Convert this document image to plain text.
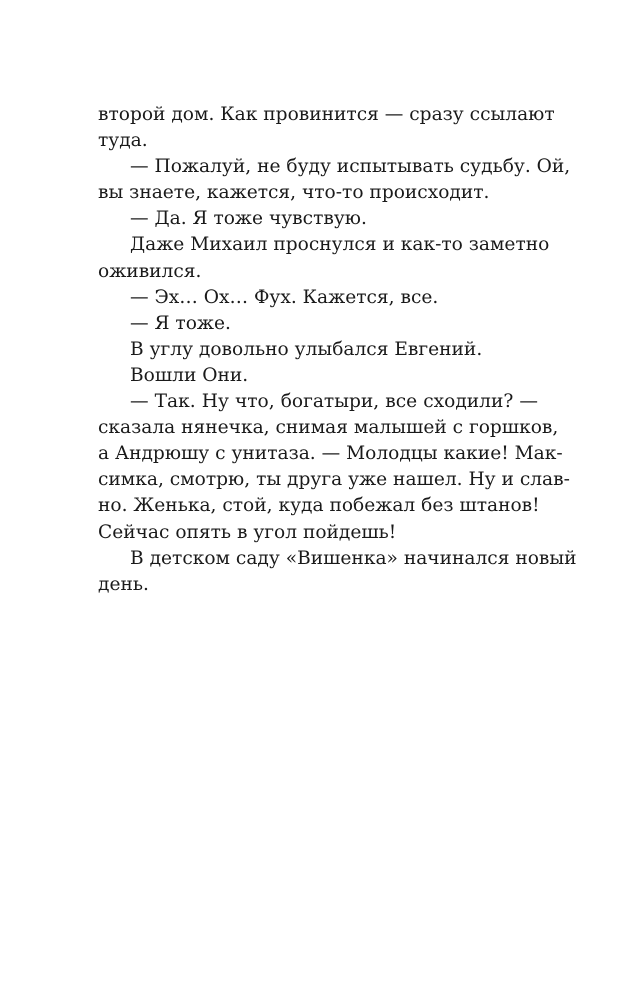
второй дом. Как провинится — сразу ссылают
туда.
— Пожалуй, не буду испытывать судьбу. Ой,
вы знаете, кажется, что-то происходит.
— Да. Я тоже чувствую.
Даже Михаил проснулся и как-то заметно
оживился.
— Эх… Ох… Фух. Кажется, все.
— Я тоже.
В углу довольно улыбался Евгений.
Вошли Они.
— Так. Ну что, богатыри, все сходили? —
сказала нянечка, снимая малышей с горшков,
а Андрюшу с унитаза. — Молодцы какие! Мак-
симка, смотрю, ты друга уже нашел. Ну и слав-
но. Женька, стой, куда побежал без штанов!
Сейчас опять в угол пойдешь!
В детском саду «Вишенка» начинался новый
день.
